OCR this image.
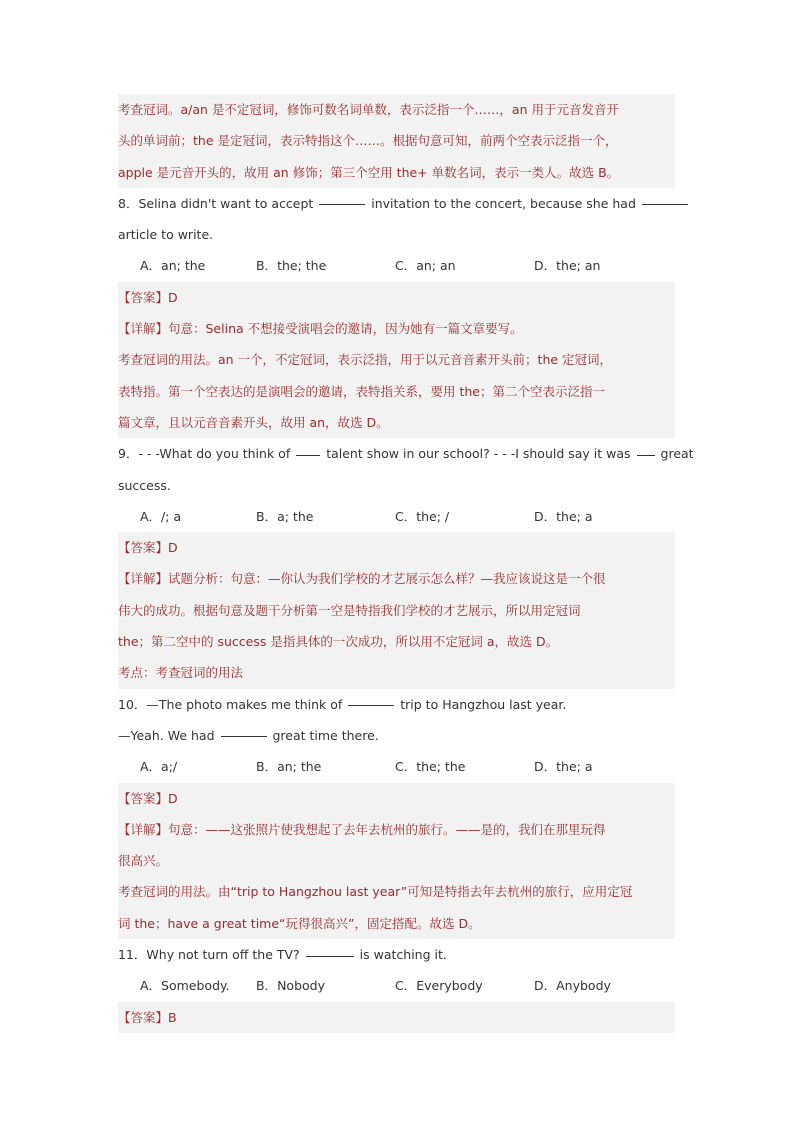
考查冠词。a/an 是不定冠词，修饰可数名词单数，表示泛指一个……，an 用于元音发音开
头的单词前；the 是定冠词，表示特指这个……。根据句意可知，前两个空表示泛指一个，
apple 是元音开头的，故用 an 修饰；第三个空用 the+ 单数名词，表示一类人。故选 B。
8．Selina didn't want to accept	invitation to the concert, because she had
article to write.
A．an; the	B．the; the	C．an; an	D．the; an
【答案】D
【详解】句意：Selina 不想接受演唱会的邀请，因为她有一篇文章要写。
考查冠词的用法。an 一个，不定冠词，表示泛指，用于以元音音素开头前；the 定冠词，
表特指。第一个空表达的是演唱会的邀请，表特指关系，要用 the；第二个空表示泛指一
篇文章，且以元音音素开头，故用 an，故选 D。
9．- - -What do you think of	talent show in our school? - - -I should say it was great
success.
A．/; a	B．a; the	C．the; /	D．the; a
【答案】D
【详解】试题分析：句意：—你认为我们学校的才艺展示怎么样？—我应该说这是一个很
伟大的成功。根据句意及题干分析第一空是特指我们学校的才艺展示，所以用定冠词
the；第二空中的 success 是指具体的一次成功，所以用不定冠词 a，故选 D。
考点：考查冠词的用法
10．—The photo makes me think of	trip to Hangzhou last year.
—Yeah. We had	great time there.
A．a;/	B．an; the	C．the; the	D．the; a
【答案】D
【详解】句意：——这张照片使我想起了去年去杭州的旅行。——是的，我们在那里玩得
很高兴。
考查冠词的用法。由“trip to Hangzhou last year”可知是特指去年去杭州的旅行，应用定冠
词 the；have a great time“玩得很高兴”，固定搭配。故选 D。
11．Why not turn off the TV?	is watching it.
A．Somebody.	B．Nobody	C．Everybody	D．Anybody
【答案】B
